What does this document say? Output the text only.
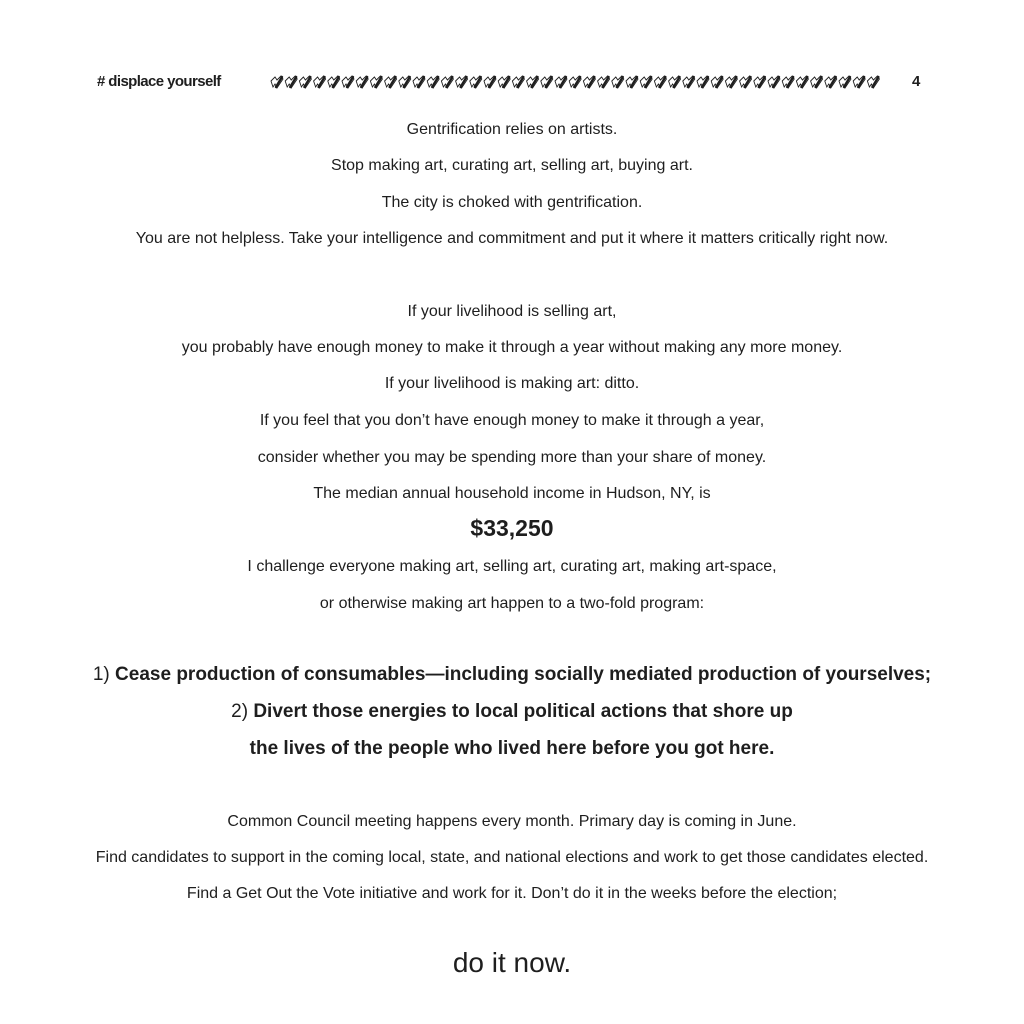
# displace yourself	4
Gentrification relies on artists.
Stop making art, curating art, selling art, buying art.
The city is choked with gentrification.
You are not helpless. Take your intelligence and commitment and put it where it matters critically right now.
If your livelihood is selling art,
you probably have enough money to make it through a year without making any more money.
If your livelihood is making art: ditto.
If you feel that you don’t have enough money to make it through a year,
consider whether you may be spending more than your share of money.
The median annual household income in Hudson, NY, is
$33,250
I challenge everyone making art, selling art, curating art, making art-space,
or otherwise making art happen to a two-fold program:
1) Cease production of consumables—including socially mediated production of yourselves;
2) Divert those energies to local political actions that shore up
the lives of the people who lived here before you got here.
Common Council meeting happens every month. Primary day is coming in June.
Find candidates to support in the coming local, state, and national elections and work to get those candidates elected.
Find a Get Out the Vote initiative and work for it. Don’t do it in the weeks before the election;
do it now.
